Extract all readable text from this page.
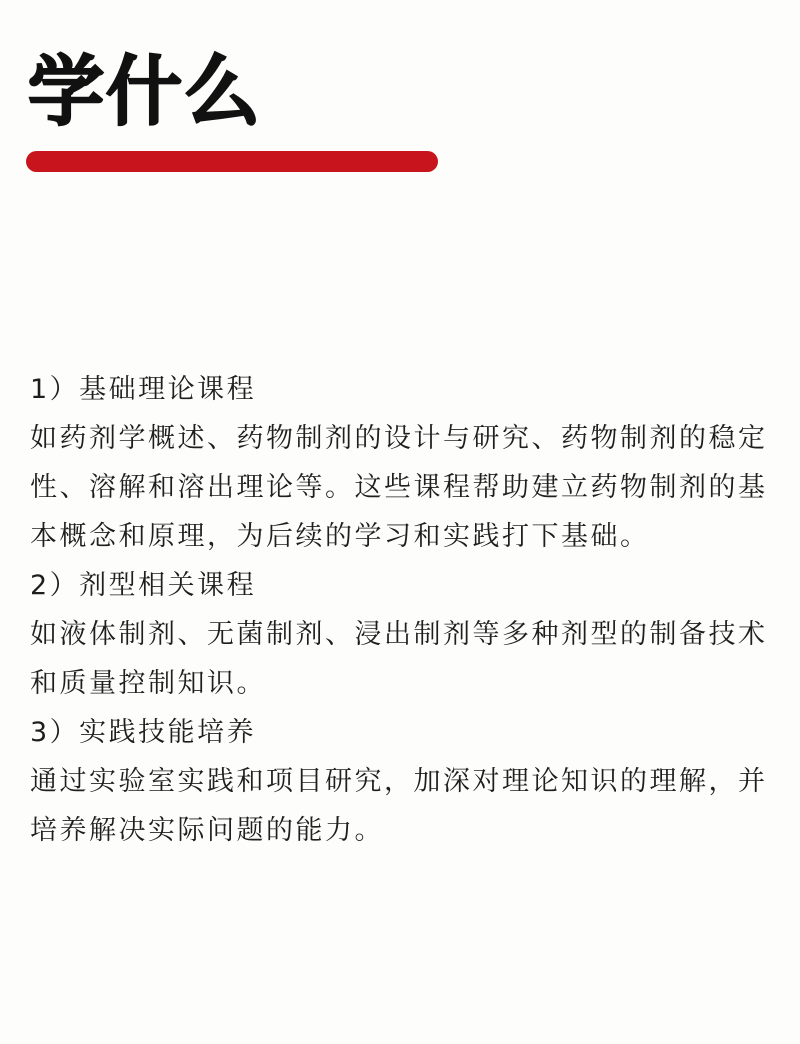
学什么

1）基础理论课程

如药剂学概述、药物制剂的设计与研究、药物制剂的稳定性、溶解和溶出理论等。这些课程帮助建立药物制剂的基本概念和原理，为后续的学习和实践打下基础。

2）剂型相关课程

如液体制剂、无菌制剂、浸出制剂等多种剂型的制备技术和质量控制知识。

3）实践技能培养

通过实验室实践和项目研究，加深对理论知识的理解，并培养解决实际问题的能力。
